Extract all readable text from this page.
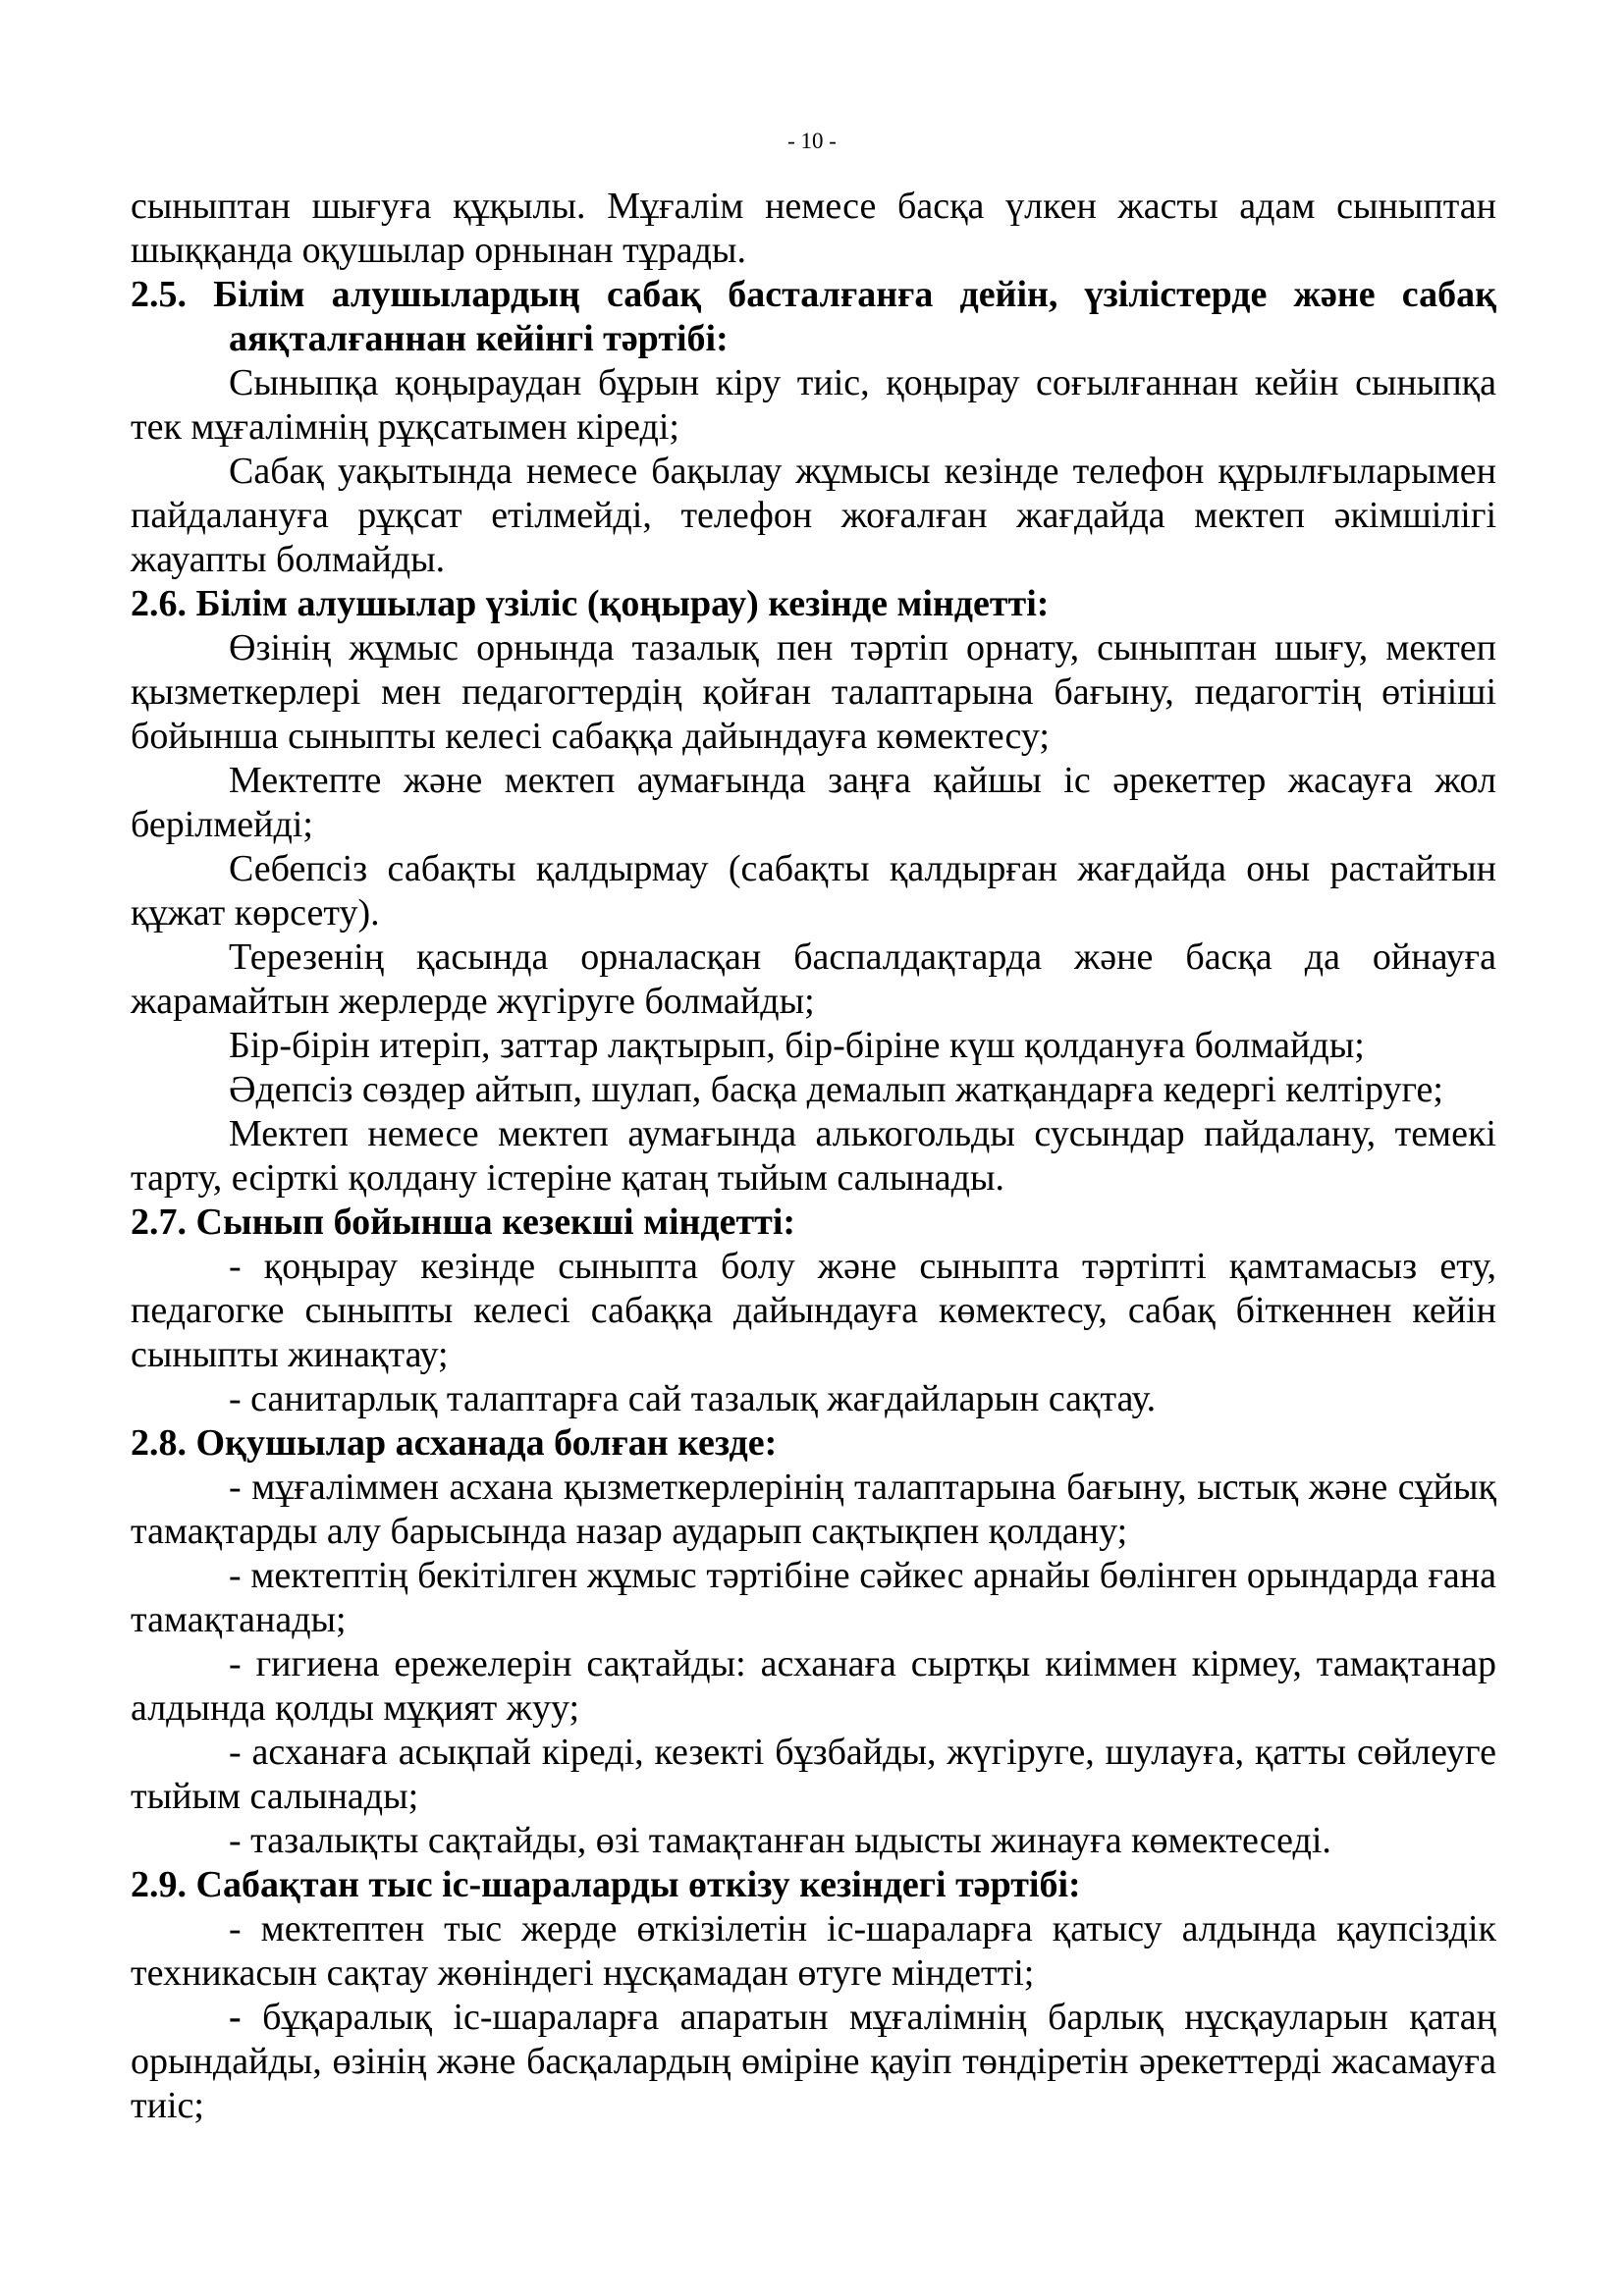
- 10 -

сыныптан шығуға құқылы. Мұғалім немесе басқа үлкен жасты адам сыныптан шыққанда оқушылар орнынан тұрады.

2.5. Білім алушылардың сабақ басталғанға дейін, үзілістерде және сабақ аяқталғаннан кейінгі тәртібі:

Сыныпқа қоңыраудан бұрын кіру тиіс, қоңырау соғылғаннан кейін сыныпқа тек мұғалімнің рұқсатымен кіреді;

Сабақ уақытында немесе бақылау жұмысы кезінде телефон құрылғыларымен пайдалануға рұқсат етілмейді, телефон жоғалған жағдайда мектеп әкімшілігі жауапты болмайды.

2.6. Білім алушылар үзіліс (қоңырау) кезінде міндетті:

Өзінің жұмыс орнында тазалық пен тәртіп орнату, сыныптан шығу, мектеп қызметкерлері мен педагогтердің қойған талаптарына бағыну, педагогтің өтініші бойынша сыныпты келесі сабаққа дайындауға көмектесу;

Мектепте және мектеп аумағында заңға қайшы іс әрекеттер жасауға жол берілмейді;

Себепсіз сабақты қалдырмау (сабақты қалдырған жағдайда оны растайтын құжат көрсету).

Терезенің қасында орналасқан баспалдақтарда және басқа да ойнауға жарамайтын жерлерде жүгіруге болмайды;

Бір-бірін итеріп, заттар лақтырып, бір-біріне күш қолдануға болмайды;

Әдепсіз сөздер айтып, шулап, басқа демалып жатқандарға кедергі келтіруге;

Мектеп немесе мектеп аумағында алькогольды сусындар пайдалану, темекі тарту, есірткі қолдану істеріне қатаң тыйым салынады.

2.7. Сынып бойынша кезекші міндетті:

- қоңырау кезінде сыныпта болу және сыныпта тәртіпті қамтамасыз ету, педагогке сыныпты келесі сабаққа дайындауға көмектесу, сабақ біткеннен кейін сыныпты жинақтау;

- санитарлық талаптарға сай тазалық жағдайларын сақтау.

2.8. Оқушылар асханада болған кезде:

- мұғаліммен асхана қызметкерлерінің талаптарына бағыну, ыстық және сұйық тамақтарды алу барысында назар аударып сақтықпен қолдану;

- мектептің бекітілген жұмыс тәртібіне сәйкес арнайы бөлінген орындарда ғана тамақтанады;

- гигиена ережелерін сақтайды: асханаға сыртқы киіммен кірмеу, тамақтанар алдында қолды мұқият жуу;

- асханаға асықпай кіреді, кезекті бұзбайды, жүгіруге, шулауға, қатты сөйлеуге тыйым салынады;

- тазалықты сақтайды, өзі тамақтанған ыдысты жинауға көмектеседі.

2.9. Сабақтан тыс іс-шараларды өткізу кезіндегі тәртібі:

- мектептен тыс жерде өткізілетін іс-шараларға қатысу алдында қаупсіздік техникасын сақтау жөніндегі нұсқамадан өтуге міндетті;

- бұқаралық іс-шараларға апаратын мұғалімнің барлық нұсқауларын қатаң орындайды, өзінің және басқалардың өміріне қауіп төндіретін әрекеттерді жасамауға тиіс;
